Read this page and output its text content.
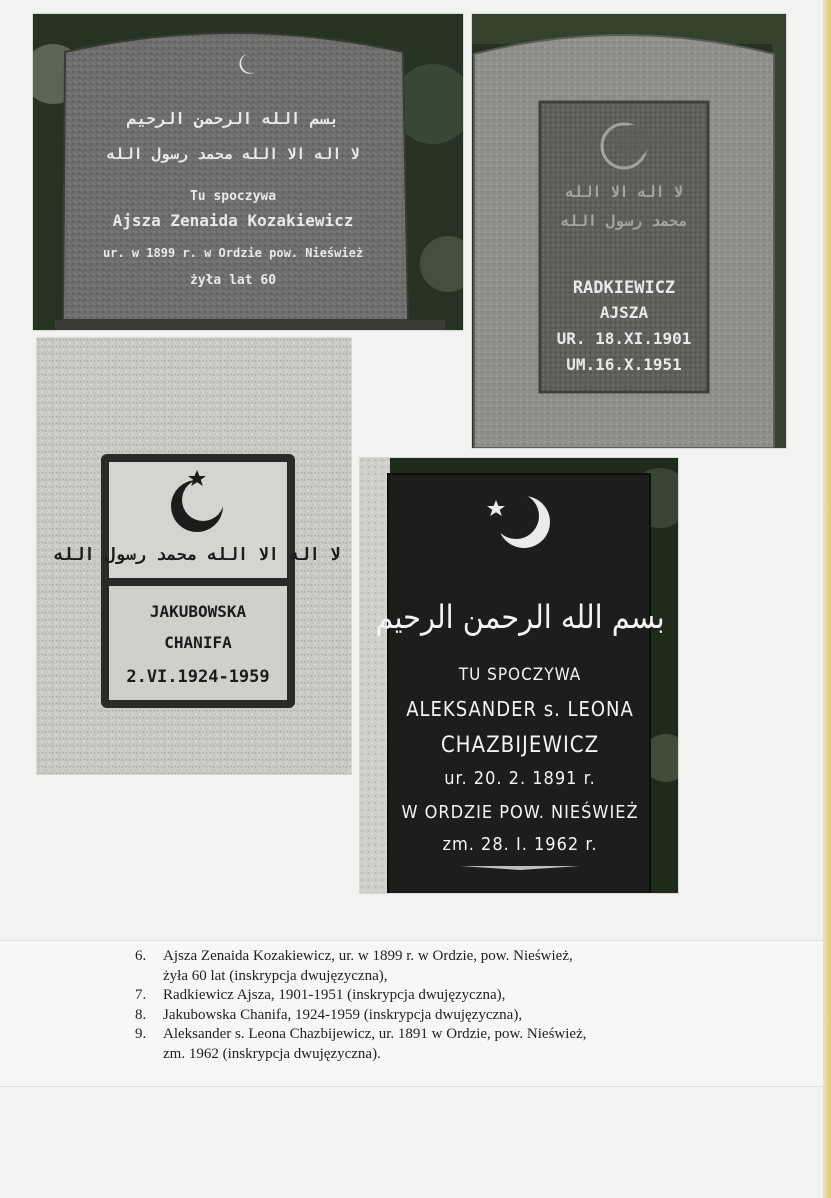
بسم الله الرحمن الرحيم
لا اله الا الله محمد رسول الله
Tu spoczywa
Ajsza Zenaida Kozakiewicz
ur. w 1899 r. w Ordzie pow. Nieśwież
żyła lat 60
لا اله الا الله
محمد رسول الله
RADKIEWICZ
AJSZA
UR. 18.XI.1901
UM.16.X.1951
لا اله الا الله محمد رسول الله
JAKUBOWSKA
CHANIFA
2.VI.1924-1959
بسم الله الرحمن الرحيم
TU SPOCZYWA
ALEKSANDER s. LEONA
CHAZBIJEWICZ
ur. 20. 2. 1891 r.
W ORDZIE POW. NIEŚWIEŻ
zm. 28. I. 1962 r.
6. Ajsza Zenaida Kozakiewicz, ur. w 1899 r. w Ordzie, pow. Nieśwież,
żyła 60 lat (inskrypcja dwujęzyczna),
7. Radkiewicz Ajsza, 1901-1951 (inskrypcja dwujęzyczna),
8. Jakubowska Chanifa, 1924-1959 (inskrypcja dwujęzyczna),
9. Aleksander s. Leona Chazbijewicz, ur. 1891 w Ordzie, pow. Nieśwież,
zm. 1962 (inskrypcja dwujęzyczna).
